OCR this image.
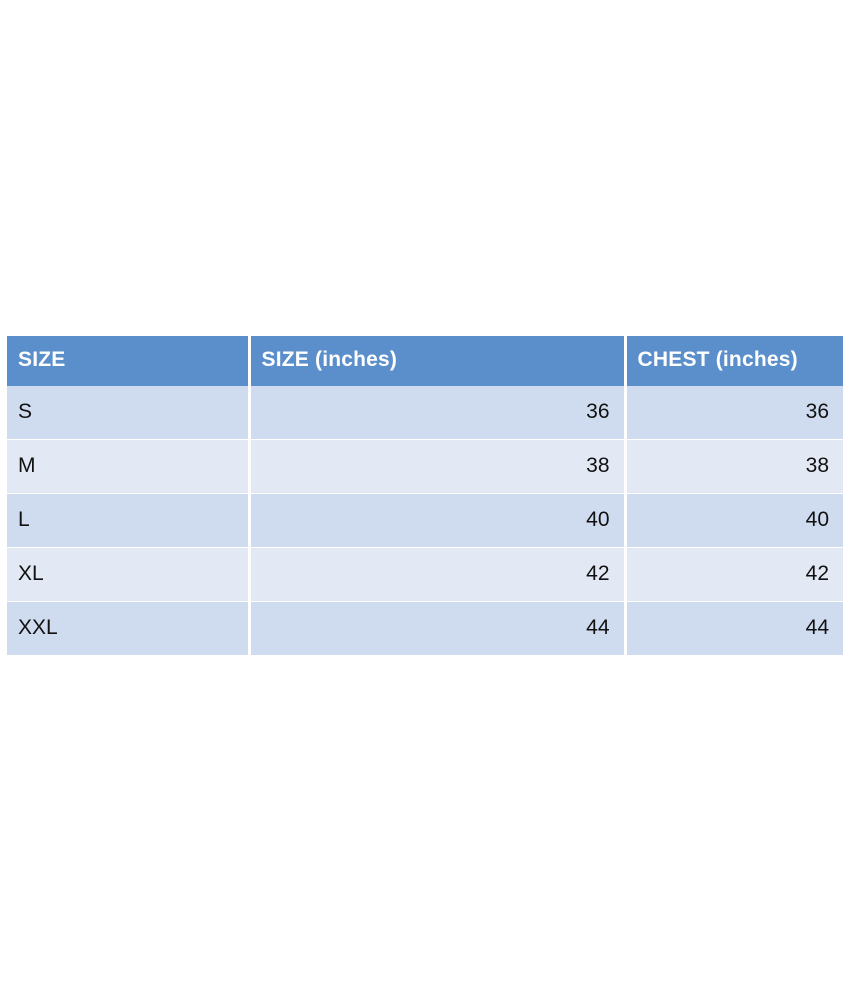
SIZE	SIZE (inches)	CHEST (inches)
S	36	36
M	38	38
L	40	40
XL	42	42
XXL	44	44
